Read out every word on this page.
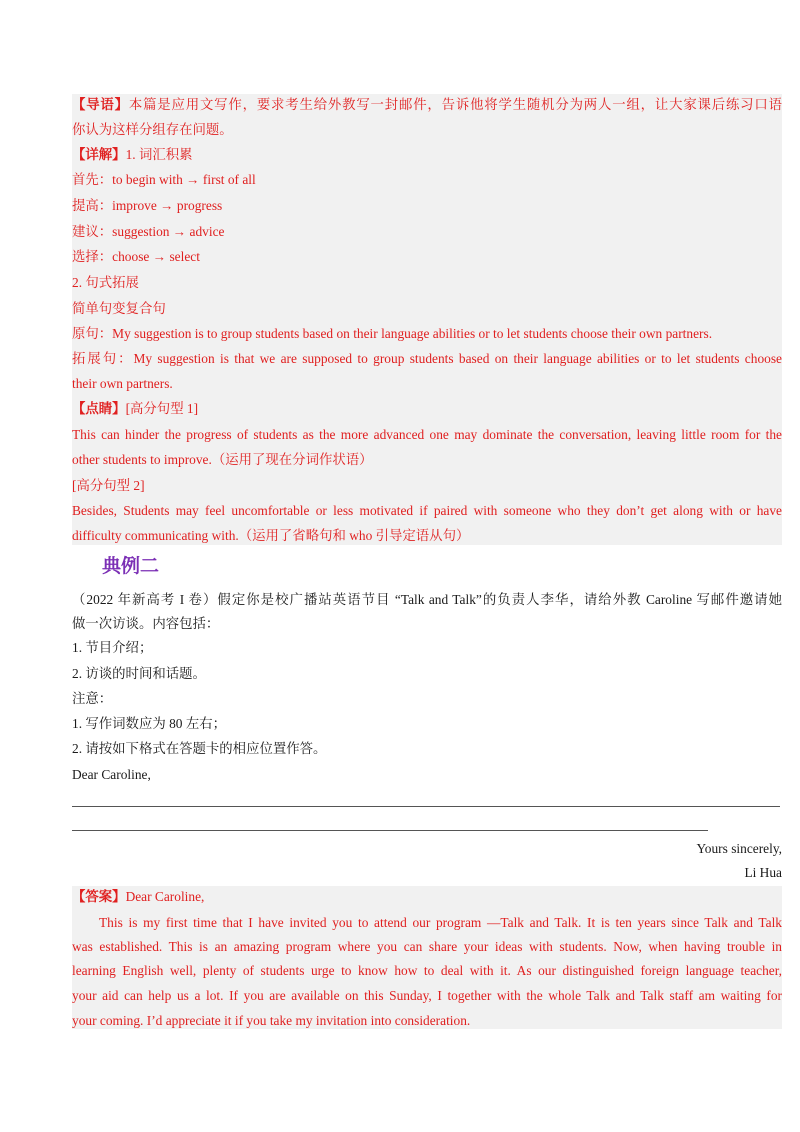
【导语】本篇是应用文写作，要求考生给外教写一封邮件，告诉他将学生随机分为两人一组，让大家课后练习口语
你认为这样分组存在问题。
【详解】1. 词汇积累
首先：to begin with → first of all
提高：improve → progress
建议：suggestion → advice
选择：choose → select
2. 句式拓展
简单句变复合句
原句：My suggestion is to group students based on their language abilities or to let students choose their own partners.
拓展句：My suggestion is that we are supposed to group students based on their language abilities or to let students choose
their own partners.
【点睛】[高分句型 1]
This can hinder the progress of students as the more advanced one may dominate the conversation, leaving little room for the
other students to improve.（运用了现在分词作状语）
[高分句型 2]
Besides, Students may feel uncomfortable or less motivated if paired with someone who they don’t get along with or have
difficulty communicating with.（运用了省略句和 who 引导定语从句）
典例二
（2022 年新高考 I 卷）假定你是校广播站英语节目 “Talk and Talk”的负责人李华，请给外教 Caroline 写邮件邀请她
做一次访谈。内容包括：
1. 节目介绍；
2. 访谈的时间和话题。
注意：
1. 写作词数应为 80 左右；
2. 请按如下格式在答题卡的相应位置作答。
Dear Caroline,
Yours sincerely,
Li Hua
【答案】Dear Caroline,
This is my first time that I have invited you to attend our program —Talk and Talk. It is ten years since Talk and Talk
was established. This is an amazing program where you can share your ideas with students. Now, when having trouble in
learning English well, plenty of students urge to know how to deal with it. As our distinguished foreign language teacher,
your aid can help us a lot. If you are available on this Sunday, I together with the whole Talk and Talk staff am waiting for
your coming. I’d appreciate it if you take my invitation into consideration.
